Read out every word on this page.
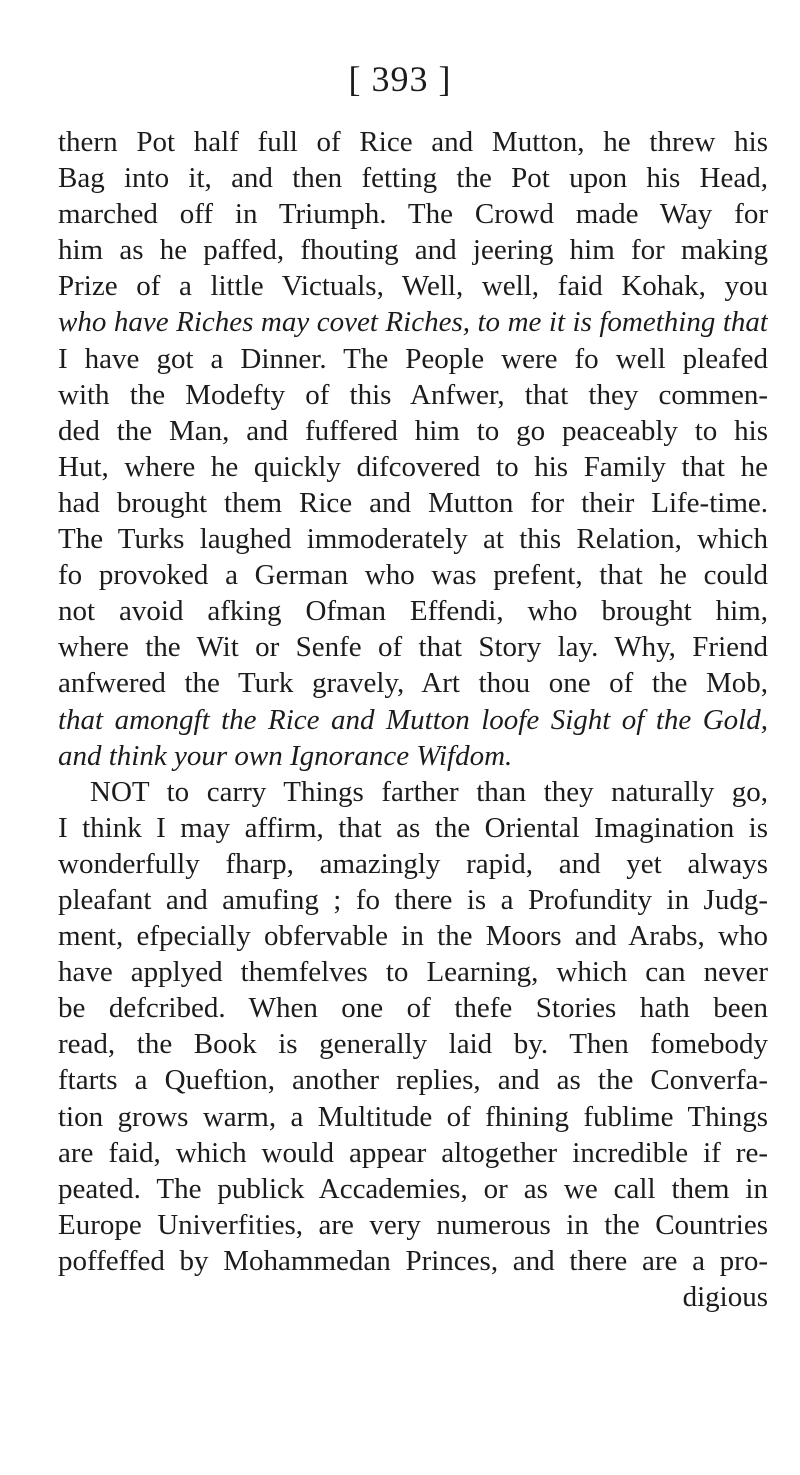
[ 393 ]
thern Pot half full of Rice and Mutton, he threw his
Bag into it, and then fetting the Pot upon his Head,
marched off in Triumph. The Crowd made Way for
him as he paffed, fhouting and jeering him for making
Prize of a little Victuals, Well, well, faid Kohak, you
who have Riches may covet Riches, to me it is fomething that
I have got a Dinner. The People were fo well pleafed
with the Modefty of this Anfwer, that they commen-
ded the Man, and fuffered him to go peaceably to his
Hut, where he quickly difcovered to his Family that he
had brought them Rice and Mutton for their Life-time.
The Turks laughed immoderately at this Relation, which
fo provoked a German who was prefent, that he could
not avoid afking Ofman Effendi, who brought him,
where the Wit or Senfe of that Story lay. Why, Friend
anfwered the Turk gravely, Art thou one of the Mob,
that amongft the Rice and Mutton loofe Sight of the Gold,
and think your own Ignorance Wifdom.
NOT to carry Things farther than they naturally go,
I think I may affirm, that as the Oriental Imagination is
wonderfully fharp, amazingly rapid, and yet always
pleafant and amufing ; fo there is a Profundity in Judg-
ment, efpecially obfervable in the Moors and Arabs, who
have applyed themfelves to Learning, which can never
be defcribed. When one of thefe Stories hath been
read, the Book is generally laid by. Then fomebody
ftarts a Queftion, another replies, and as the Converfa-
tion grows warm, a Multitude of fhining fublime Things
are faid, which would appear altogether incredible if re-
peated. The publick Accademies, or as we call them in
Europe Univerfities, are very numerous in the Countries
poffeffed by Mohammedan Princes, and there are a pro-
digious
